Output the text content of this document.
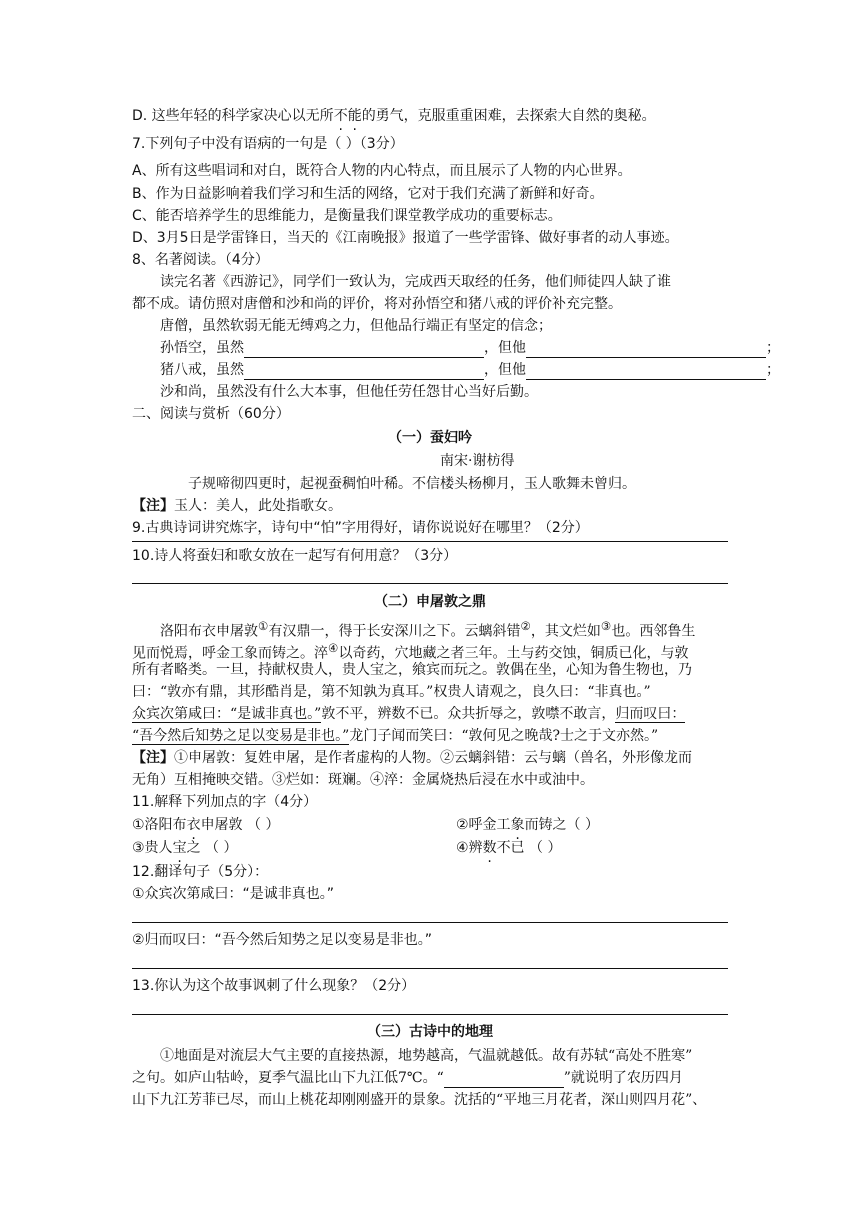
D. 这些年轻的科学家决心以无所不能的勇气，克服重重困难，去探索大自然的奥秘。
7.下列句子中没有语病的一句是（ ）（3分）
A、所有这些唱词和对白，既符合人物的内心特点，而且展示了人物的内心世界。
B、作为日益影响着我们学习和生活的网络，它对于我们充满了新鲜和好奇。
C、能否培养学生的思维能力，是衡量我们课堂教学成功的重要标志。
D、3月5日是学雷锋日，当天的《江南晚报》报道了一些学雷锋、做好事者的动人事迹。
8、名著阅读。（4分）
读完名著《西游记》，同学们一致认为，完成西天取经的任务，他们师徒四人缺了谁
都不成。请仿照对唐僧和沙和尚的评价，将对孙悟空和猪八戒的评价补充完整。
唐僧，虽然软弱无能无缚鸡之力，但他品行端正有坚定的信念；
孙悟空，虽然	，但他	；
猪八戒，虽然	，但他	；
沙和尚，虽然没有什么大本事，但他任劳任怨甘心当好后勤。
二、阅读与赏析（60分）
（一）蚕妇吟
南宋·谢枋得
子规啼彻四更时，起视蚕稠怕叶稀。不信楼头杨柳月，玉人歌舞未曾归。
【注】玉人：美人，此处指歌女。
9.古典诗词讲究炼字，诗句中“怕”字用得好，请你说说好在哪里？（2分）
10.诗人将蚕妇和歌女放在一起写有何用意？（3分）
（二）申屠敦之鼎
洛阳布衣申屠敦①有汉鼎一，得于长安深川之下。云螭斜错②，其文烂如③也。西邻鲁生
见而悦焉，呼金工象而铸之。淬④以奇药，穴地藏之者三年。土与药交蚀，铜质已化，与敦
所有者略类。一旦，持献权贵人，贵人宝之，飨宾而玩之。敦偶在坐，心知为鲁生物也，乃
曰：“敦亦有鼎，其形酷肖是，第不知孰为真耳。”权贵人请观之，良久曰：“非真也。”
众宾次第咸曰：“是诚非真也。”敦不平，辨数不已。众共折辱之，敦噤不敢言，归而叹曰：
“吾今然后知势之足以变易是非也。”龙门子闻而笑曰：“敦何见之晚哉?士之于文亦然。”
【注】①申屠敦：复姓申屠，是作者虚构的人物。②云螭斜错：云与螭（兽名，外形像龙而
无角）互相掩映交错。③烂如：斑斓。④淬：金属烧热后浸在水中或油中。
11.解释下列加点的字（4分）
①洛阳布衣申屠敦 （ ）	②呼金工象而铸之（ ）
③贵人宝之 （ ）	④辨数不已 （ ）
12.翻译句子（5分）：
①众宾次第咸曰：“是诚非真也。”
②归而叹曰：“吾今然后知势之足以变易是非也。”
13.你认为这个故事讽刺了什么现象？（2分）
（三）古诗中的地理
①地面是对流层大气主要的直接热源，地势越高，气温就越低。故有苏轼“高处不胜寒”
之句。如庐山牯岭，夏季气温比山下九江低7℃。“	”就说明了农历四月
山下九江芳菲已尽，而山上桃花却刚刚盛开的景象。沈括的“平地三月花者，深山则四月花”、
